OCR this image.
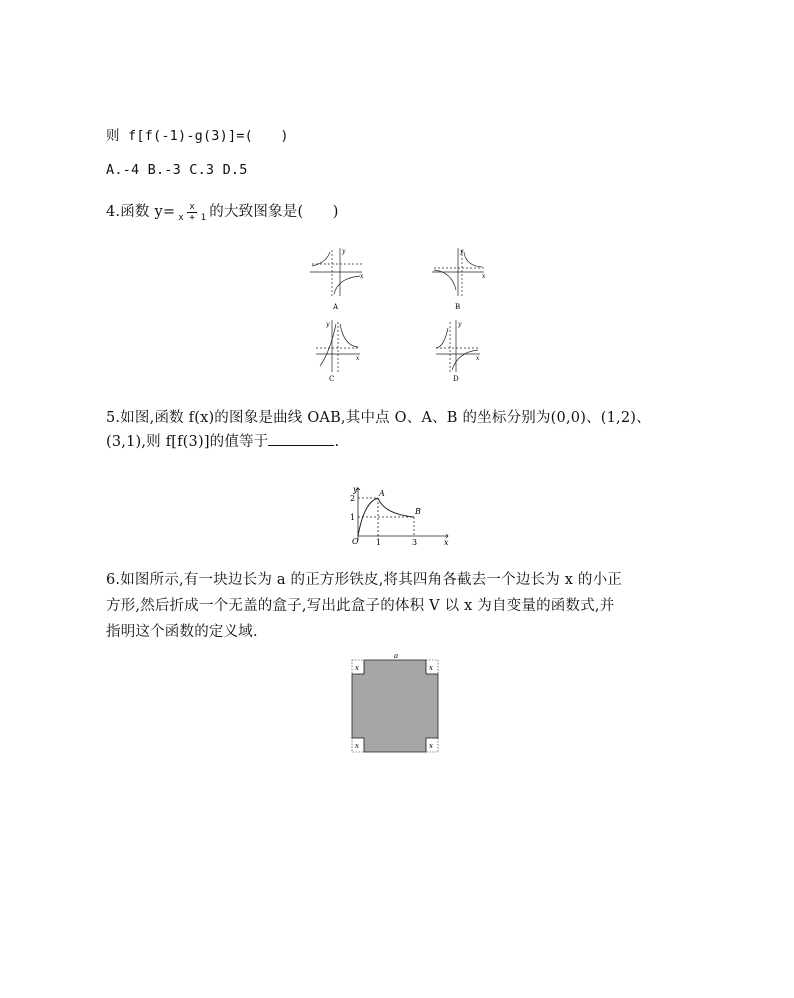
则 f[f(-1)-g(3)]=(　　)
A.-4 B.-3 C.3 D.5
4.函数 $y= \frac{x}{x + 1}$ 的大致图象是(　　)
x
y
A
x
y
B
x
y
C
x
y
D
5.如图,函数 f(x)的图象是曲线 OAB,其中点 O、A、B 的坐标分别为(0,0)、(1,2)、
(3,1),则 f[f(3)]的值等于	.
y
x
O
A
B
1	3
1
2
6.如图所示,有一块边长为 a 的正方形铁皮,将其四角各截去一个边长为 x 的小正
方形,然后折成一个无盖的盒子,写出此盒子的体积 V 以 x 为自变量的函数式,并
指明这个函数的定义域.
a
x	x
x	x
